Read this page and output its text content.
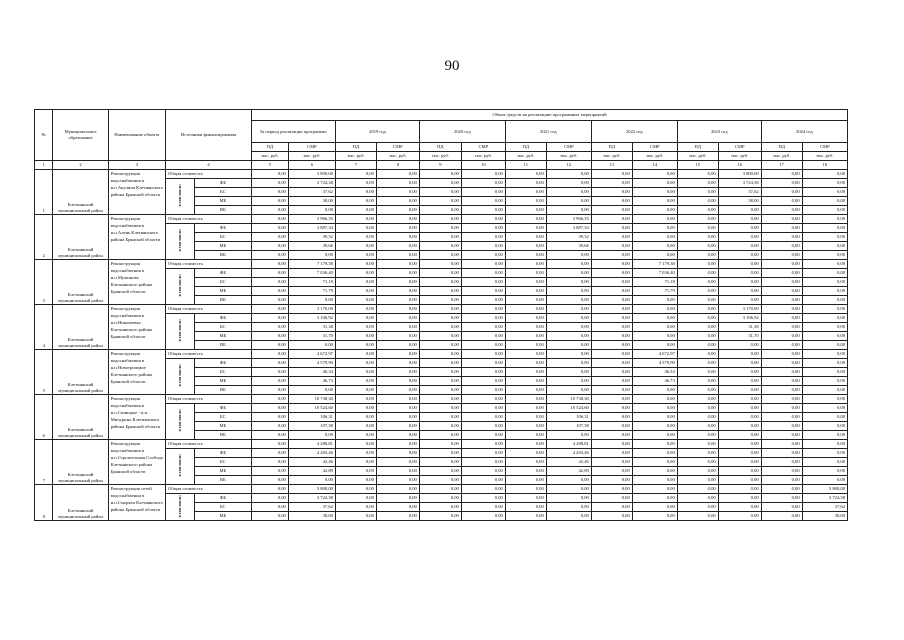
90
№	Муниципальное образование	Наименование объекта	Источники финансирования		Объем средств на реализацию программных мероприятий													
					За период реализации программы:		2019 год		2020 год		2021 год		2022 год		2023 год		2024 год	
					ПД	СМР	ПД	СМР	ПД	СМР	ПД	СМР	ПД	СМР	ПД	СМР	ПД	СМР
					тыс. руб.	тыс. руб.	тыс. руб.	тыс. руб.	тыс. руб.	тыс. руб.	тыс. руб.	тыс. руб.	тыс. руб.	тыс. руб.	тыс. руб.	тыс. руб.	тыс. руб.	тыс. руб.
1	2	3	4		5	6	7	8	9	10	11	12	13	14	15	16	17	18
1	Клетнянский муниципальный район	Реконструкция водоснабжения в н.п.Акуличи Клетнянского района Брянской области	Общая стоимость		0,00	3 800,00	0,00	0,00	0,00	0,00	0,00	0,00	0,00	0,00	0,00	3 800,00	0,00	0,00
			в том числе:	ФБ	0,00	3 724,38	0,00	0,00	0,00	0,00	0,00	0,00	0,00	0,00	0,00	3 724,38	0,00	0,00
				БС	0,00	37,62	0,00	0,00	0,00	0,00	0,00	0,00	0,00	0,00	0,00	37,62	0,00	0,00
				МБ	0,00	38,00	0,00	0,00	0,00	0,00	0,00	0,00	0,00	0,00	0,00	38,00	0,00	0,00
				ВБ	0,00	0,00	0,00	0,00	0,00	0,00	0,00	0,00	0,00	0,00	0,00	0,00	0,00	0,00
2	Клетнянский муниципальный район	Реконструкция водоснабжения в н.п.Алень Клетнянского района Брянской области	Общая стоимость		0,00	3 966,35	0,00	0,00	0,00	0,00	0,00	3 966,35	0,00	0,00	0,00	0,00	0,00	0,00
			в том числе:	ФБ	0,00	3 887,34	0,00	0,00	0,00	0,00	0,00	3 887,34	0,00	0,00	0,00	0,00	0,00	0,00
				БС	0,00	39,32	0,00	0,00	0,00	0,00	0,00	39,32	0,00	0,00	0,00	0,00	0,00	0,00
				МБ	0,00	39,66	0,00	0,00	0,00	0,00	0,00	39,66	0,00	0,00	0,00	0,00	0,00	0,00
				ВБ	0,00	0,00	0,00	0,00	0,00	0,00	0,00	0,00	0,00	0,00	0,00	0,00	0,00	0,00
3	Клетнянский муниципальный район	Реконструкция водоснабжения в н.п.Мужиново Клетнянского района Брянской области	Общая стоимость		0,00	7 179,38	0,00	0,00	0,00	0,00	0,00	0,00	0,00	7 179,38	0,00	0,00	0,00	0,00
			в том числе:	ФБ	0,00	7 036,40	0,00	0,00	0,00	0,00	0,00	0,00	0,00	7 036,40	0,00	0,00	0,00	0,00
				БС	0,00	71,18	0,00	0,00	0,00	0,00	0,00	0,00	0,00	71,18	0,00	0,00	0,00	0,00
				МБ	0,00	71,79	0,00	0,00	0,00	0,00	0,00	0,00	0,00	71,79	0,00	0,00	0,00	0,00
				ВБ	0,00	0,00	0,00	0,00	0,00	0,00	0,00	0,00	0,00	0,00	0,00	0,00	0,00	0,00
4	Клетнянский муниципальный район	Реконструкция водоснабжения в н.п.Николаевка Клетнянского района Брянской области	Общая стоимость		0,00	3 170,00	0,00	0,00	0,00	0,00	0,00	0,00	0,00	0,00	0,00	3 170,00	0,00	0,00
			в том числе:	ФБ	0,00	3 106,92	0,00	0,00	0,00	0,00	0,00	0,00	0,00	0,00	0,00	3 106,92	0,00	0,00
				БС	0,00	31,38	0,00	0,00	0,00	0,00	0,00	0,00	0,00	0,00	0,00	31,38	0,00	0,00
				МБ	0,00	31,70	0,00	0,00	0,00	0,00	0,00	0,00	0,00	0,00	0,00	31,70	0,00	0,00
				ВБ	0,00	0,00	0,00	0,00	0,00	0,00	0,00	0,00	0,00	0,00	0,00	0,00	0,00	0,00
5	Клетнянский муниципальный район	Реконструкция водоснабжения в н.п.Новотроицкое Клетнянского района Брянской области	Общая стоимость		0,00	4 672,97	0,00	0,00	0,00	0,00	0,00	0,00	0,00	4 672,97	0,00	0,00	0,00	0,00
			в том числе:	ФБ	0,00	4 579,90	0,00	0,00	0,00	0,00	0,00	0,00	0,00	4 579,90	0,00	0,00	0,00	0,00
				БС	0,00	46,34	0,00	0,00	0,00	0,00	0,00	0,00	0,00	46,34	0,00	0,00	0,00	0,00
				МБ	0,00	46,73	0,00	0,00	0,00	0,00	0,00	0,00	0,00	46,73	0,00	0,00	0,00	0,00
				ВБ	0,00	0,00	0,00	0,00	0,00	0,00	0,00	0,00	0,00	0,00	0,00	0,00	0,00	0,00
6	Клетнянский муниципальный район	Реконструкция водоснабжения в н.п.Синицкое - н.п. Мичурино Клетнянского района Брянской области	Общая стоимость		0,00	10 738,30	0,00	0,00	0,00	0,00	0,00	10 738,30	0,00	0,00	0,00	0,00	0,00	0,00
			в том числе:	ФБ	0,00	10 524,60	0,00	0,00	0,00	0,00	0,00	10 524,60	0,00	0,00	0,00	0,00	0,00	0,00
				БС	0,00	106,31	0,00	0,00	0,00	0,00	0,00	106,31	0,00	0,00	0,00	0,00	0,00	0,00
				МБ	0,00	107,38	0,00	0,00	0,00	0,00	0,00	107,38	0,00	0,00	0,00	0,00	0,00	0,00
				ВБ	0,00	0,00	0,00	0,00	0,00	0,00	0,00	0,00	0,00	0,00	0,00	0,00	0,00	0,00
7	Клетнянский муниципальный район	Реконструкция водоснабжения в н.п.Строительная Слобода Клетнянского района Брянской области	Общая стоимость		0,00	4 288,81	0,00	0,00	0,00	0,00	0,00	4 288,81	0,00	0,00	0,00	0,00	0,00	0,00
			в том числе:	ФБ	0,00	4 203,46	0,00	0,00	0,00	0,00	0,00	4 203,46	0,00	0,00	0,00	0,00	0,00	0,00
				БС	0,00	42,46	0,00	0,00	0,00	0,00	0,00	42,46	0,00	0,00	0,00	0,00	0,00	0,00
				МБ	0,00	42,89	0,00	0,00	0,00	0,00	0,00	42,89	0,00	0,00	0,00	0,00	0,00	0,00
				ВБ	0,00	0,00	0,00	0,00	0,00	0,00	0,00	0,00	0,00	0,00	0,00	0,00	0,00	0,00
8	Клетнянский муниципальный район	Реконструкция сетей водоснабжения в н.п.Сморяги Клетнянского района Брянской области	Общая стоимость		0,00	3 800,00	0,00	0,00	0,00	0,00	0,00	0,00	0,00	0,00	0,00	0,00	0,00	3 800,00
			в том числе:	ФБ	0,00	3 724,38	0,00	0,00	0,00	0,00	0,00	0,00	0,00	0,00	0,00	0,00	0,00	3 724,38
				БС	0,00	37,62	0,00	0,00	0,00	0,00	0,00	0,00	0,00	0,00	0,00	0,00	0,00	37,62
				МБ	0,00	38,00	0,00	0,00	0,00	0,00	0,00	0,00	0,00	0,00	0,00	0,00	0,00	38,00
